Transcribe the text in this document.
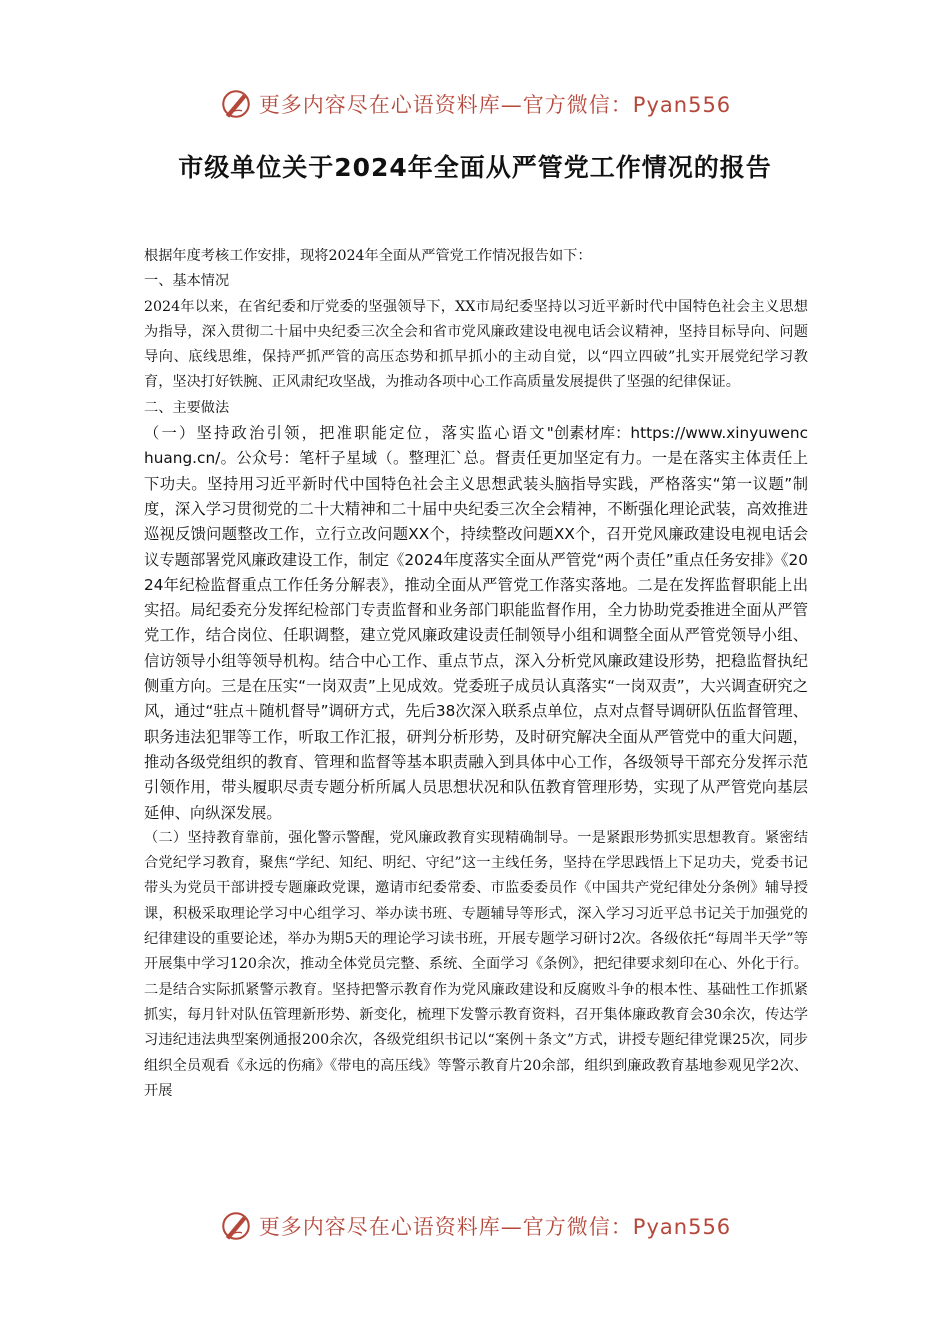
更多内容尽在心语资料库—官方微信：Pyan556
市级单位关于2024年全面从严管党工作情况的报告

根据年度考核工作安排，现将2024年全面从严管党工作情况报告如下：

一、基本情况

2024年以来，在省纪委和厅党委的坚强领导下，XX市局纪委坚持以习近平新时代中国特色社会主义思想为指导，深入贯彻二十届中央纪委三次全会和省市党风廉政建设电视电话会议精神，坚持目标导向、问题导向、底线思维，保持严抓严管的高压态势和抓早抓小的主动自觉，以“四立四破”扎实开展党纪学习教育，坚决打好铁腕、正风肃纪攻坚战，为推动各项中心工作高质量发展提供了坚强的纪律保证。

二、主要做法

（一）坚持政治引领，把准职能定位，落实监心语文"创素材库：https://www.xinyuwenchuang.cn/。公众号：笔杆子星域（。整理汇`总。督责任更加坚定有力。一是在落实主体责任上下功夫。坚持用习近平新时代中国特色社会主义思想武装头脑指导实践，严格落实“第一议题”制度，深入学习贯彻党的二十大精神和二十届中央纪委三次全会精神，不断强化理论武装，高效推进巡视反馈问题整改工作，立行立改问题XX个，持续整改问题XX个，召开党风廉政建设电视电话会议专题部署党风廉政建设工作，制定《2024年度落实全面从严管党“两个责任”重点任务安排》《2024年纪检监督重点工作任务分解表》，推动全面从严管党工作落实落地。二是在发挥监督职能上出实招。局纪委充分发挥纪检部门专责监督和业务部门职能监督作用，全力协助党委推进全面从严管党工作，结合岗位、任职调整，建立党风廉政建设责任制领导小组和调整全面从严管党领导小组、信访领导小组等领导机构。结合中心工作、重点节点，深入分析党风廉政建设形势，把稳监督执纪侧重方向。三是在压实“一岗双责”上见成效。党委班子成员认真落实“一岗双责”，大兴调查研究之风，通过“驻点＋随机督导”调研方式，先后38次深入联系点单位，点对点督导调研队伍监督管理、职务违法犯罪等工作，听取工作汇报，研判分析形势，及时研究解决全面从严管党中的重大问题，推动各级党组织的教育、管理和监督等基本职责融入到具体中心工作，各级领导干部充分发挥示范引领作用，带头履职尽责专题分析所属人员思想状况和队伍教育管理形势，实现了从严管党向基层延伸、向纵深发展。

（二）坚持教育靠前，强化警示警醒，党风廉政教育实现精确制导。一是紧跟形势抓实思想教育。紧密结合党纪学习教育，聚焦“学纪、知纪、明纪、守纪”这一主线任务，坚持在学思践悟上下足功夫，党委书记带头为党员干部讲授专题廉政党课，邀请市纪委常委、市监委委员作《中国共产党纪律处分条例》辅导授课，积极采取理论学习中心组学习、举办读书班、专题辅导等形式，深入学习习近平总书记关于加强党的纪律建设的重要论述，举办为期5天的理论学习读书班，开展专题学习研讨2次。各级依托“每周半天学”等开展集中学习120余次，推动全体党员完整、系统、全面学习《条例》，把纪律要求刻印在心、外化于行。二是结合实际抓紧警示教育。坚持把警示教育作为党风廉政建设和反腐败斗争的根本性、基础性工作抓紧抓实，每月针对队伍管理新形势、新变化，梳理下发警示教育资料，召开集体廉政教育会30余次，传达学习违纪违法典型案例通报200余次，各级党组织书记以“案例＋条文”方式，讲授专题纪律党课25次，同步组织全员观看《永远的伤痛》《带电的高压线》等警示教育片20余部，组织到廉政教育基地参观见学2次、开展

更多内容尽在心语资料库—官方微信：Pyan556
